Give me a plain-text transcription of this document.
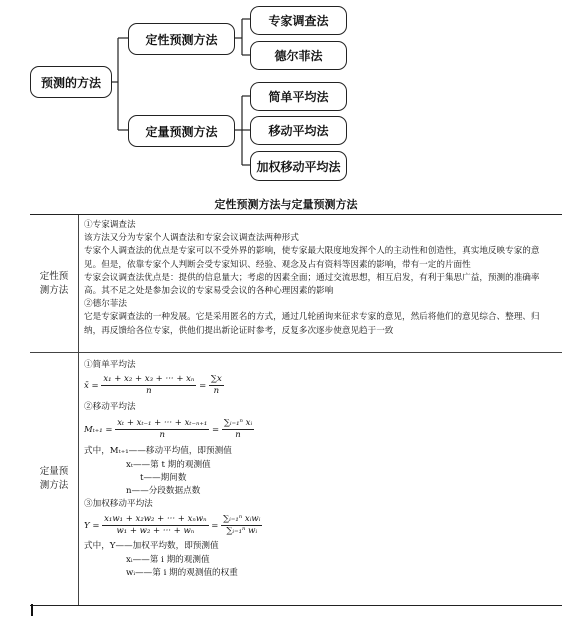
预测的方法
定性预测方法
定量预测方法
专家调查法
德尔菲法
简单平均法
移动平均法
加权移动平均法
定性预测方法与定量预测方法
定性预测方法

①专家调查法

该方法又分为专家个人调查法和专家会议调查法两种形式

专家个人调查法的优点是专家可以不受外界的影响，使专家最大限度地发挥个人的主动性和创造性，真实地反映专家的意见。但是，依靠专家个人判断会受专家知识、经验、观念及占有资料等因素的影响，带有一定的片面性

专家会议调查法优点是：提供的信息量大；考虑的因素全面；通过交流思想，相互启发，有利于集思广益，预测的准确率高。其不足之处是参加会议的专家易受会议的各种心理因素的影响

②德尔菲法

它是专家调查法的一种发展。它是采用匿名的方式，通过几轮函询来征求专家的意见，然后将他们的意见综合、整理、归纳，再反馈给各位专家，供他们提出新论证时参考，反复多次逐步使意见趋于一致

定量预测方法

①简单平均法

x̄ = $\frac{\text{x₁ + x₂ + x₃ + ··· + xₙ}}{n} = \frac{\sum x}{n}$

②移动平均法

$M_{t+1} = \frac{\text{xₜ + xₜ₋₁ + ··· + xₜ₋ₙ₊₁}}{n} = \frac{\text{∑ᵢ₌₁ⁿ xᵢ}}{n}$

式中，Mₜ₊₁——移动平均值，即预测值

xₜ——第 t 期的观测值

t——期间数

n——分段数据点数

③加权移动平均法

$Y = \frac{\text{x₁w₁ + x₂w₂ + ··· + xₙwₙ}}{\text{w₁ + w₂ + ··· + wₙ}} = \frac{\text{∑ᵢ₌₁ⁿ xᵢwᵢ}}{\text{∑ᵢ₌₁ⁿ wᵢ}}$

式中，Y——加权平均数，即预测值

xᵢ——第 i 期的观测值

wᵢ——第 i 期的观测值的权重
